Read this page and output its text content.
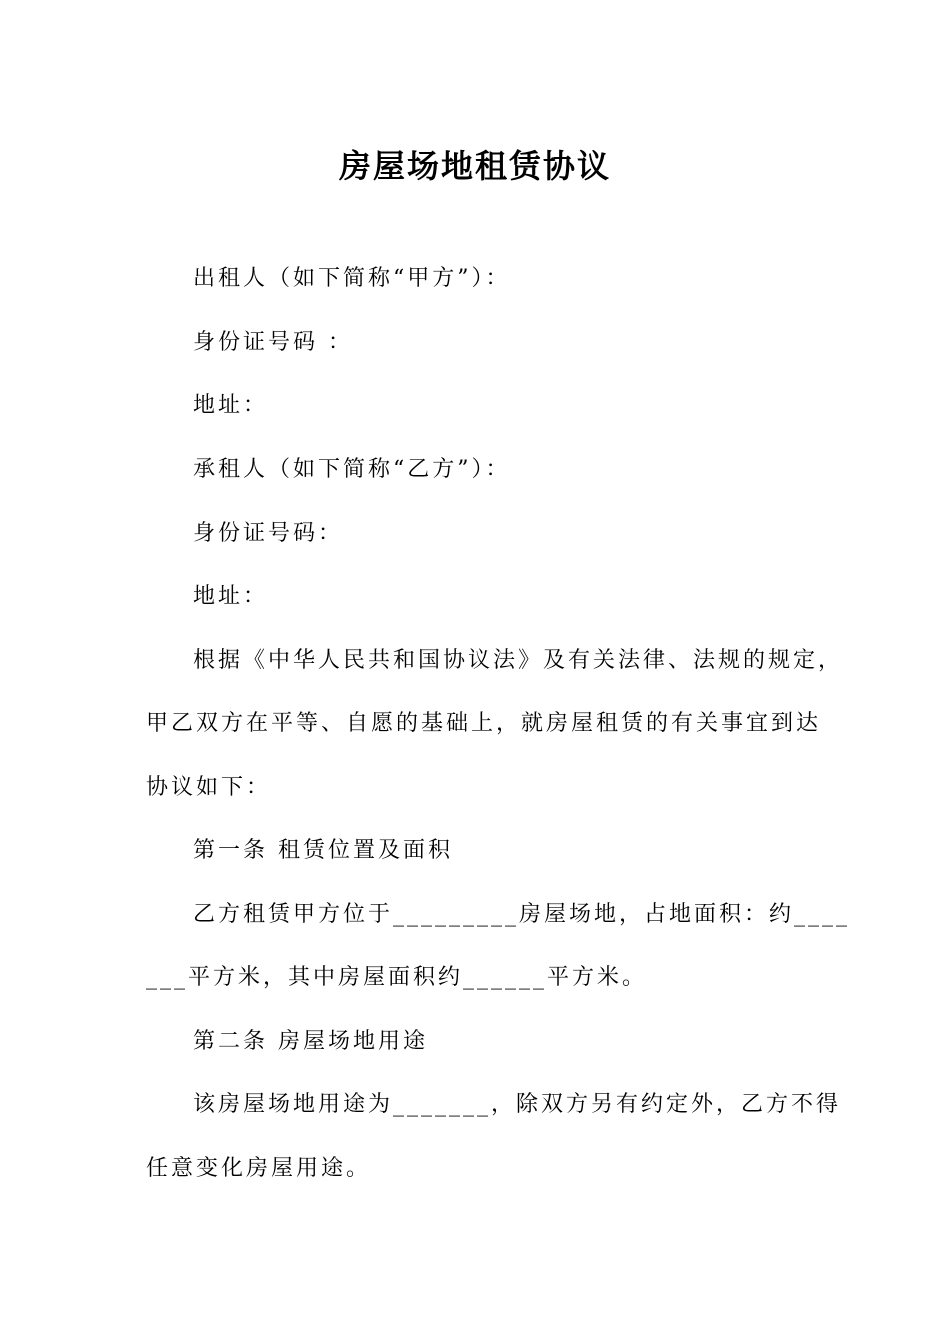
房屋场地租赁协议
出租人（如下简称“甲方”）：
身份证号码 ：
地址：
承租人（如下简称“乙方”）：
身份证号码：
地址：
根据《中华人民共和国协议法》及有关法律、法规的规定，
甲乙双方在平等、自愿的基础上，就房屋租赁的有关事宜到达
协议如下：
第一条 租赁位置及面积
乙方租赁甲方位于_________房屋场地，占地面积：约____
___平方米，其中房屋面积约______平方米。
第二条 房屋场地用途
该房屋场地用途为_______，除双方另有约定外，乙方不得
任意变化房屋用途。
